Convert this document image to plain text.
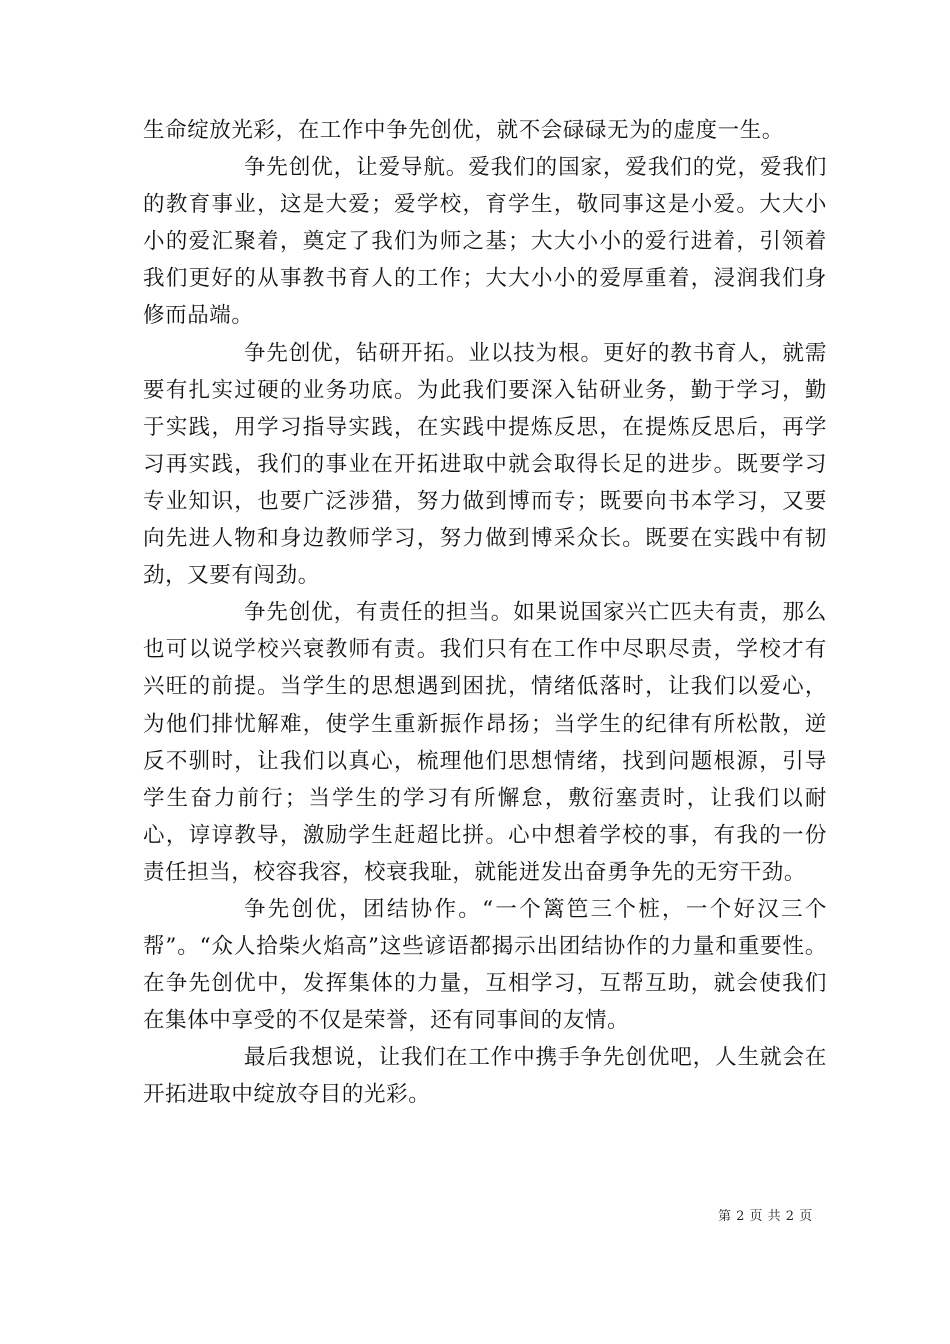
生命绽放光彩，在工作中争先创优，就不会碌碌无为的虚度一生。

争先创优，让爱导航。爱我们的国家，爱我们的党，爱我们的教育事业，这是大爱；爱学校，育学生，敬同事这是小爱。大大小小的爱汇聚着，奠定了我们为师之基；大大小小的爱行进着，引领着我们更好的从事教书育人的工作；大大小小的爱厚重着，浸润我们身修而品端。

争先创优，钻研开拓。业以技为根。更好的教书育人，就需要有扎实过硬的业务功底。为此我们要深入钻研业务，勤于学习，勤于实践，用学习指导实践，在实践中提炼反思，在提炼反思后，再学习再实践，我们的事业在开拓进取中就会取得长足的进步。既要学习专业知识，也要广泛涉猎，努力做到博而专；既要向书本学习，又要向先进人物和身边教师学习，努力做到博采众长。既要在实践中有韧劲，又要有闯劲。

争先创优，有责任的担当。如果说国家兴亡匹夫有责，那么也可以说学校兴衰教师有责。我们只有在工作中尽职尽责，学校才有兴旺的前提。当学生的思想遇到困扰，情绪低落时，让我们以爱心，为他们排忧解难，使学生重新振作昂扬；当学生的纪律有所松散，逆反不驯时，让我们以真心，梳理他们思想情绪，找到问题根源，引导学生奋力前行；当学生的学习有所懈怠，敷衍塞责时，让我们以耐心，谆谆教导，激励学生赶超比拼。心中想着学校的事，有我的一份责任担当，校容我容，校衰我耻，就能迸发出奋勇争先的无穷干劲。

争先创优，团结协作。“一个篱笆三个桩，一个好汉三个帮”。“众人拾柴火焰高”这些谚语都揭示出团结协作的力量和重要性。在争先创优中，发挥集体的力量，互相学习，互帮互助，就会使我们在集体中享受的不仅是荣誉，还有同事间的友情。

最后我想说，让我们在工作中携手争先创优吧，人生就会在开拓进取中绽放夺目的光彩。

第 2 页 共 2 页
